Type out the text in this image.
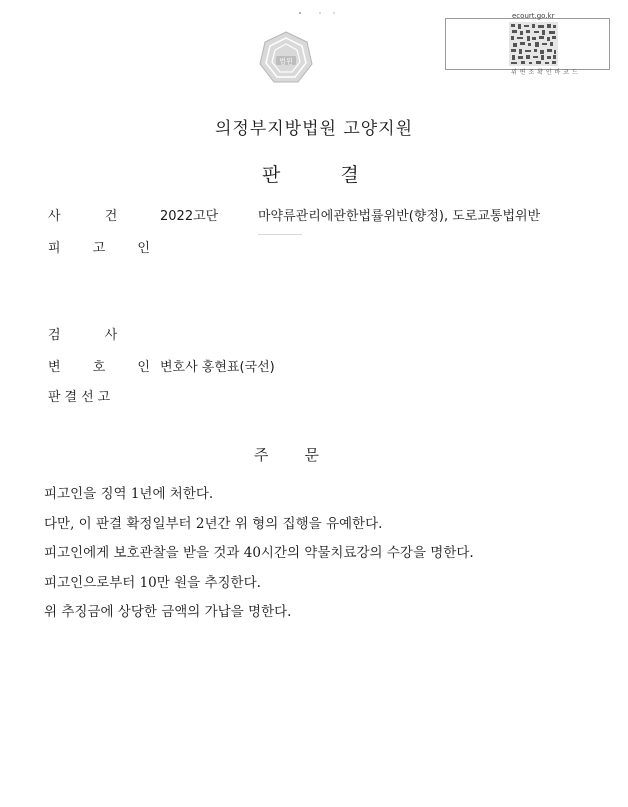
법원
ecourt.go.kr
위 변 조 확 인 바 코 드
의정부지방법원 고양지원
판결
사 건 2022고단	마약류관리에관한법률위반(향정), 도로교통법위반
피 고 인
검 사
변 호 인
변호사 홍현표(국선)
판결선고
주문
피고인을 징역 1년에 처한다.
다만, 이 판결 확정일부터 2년간 위 형의 집행을 유예한다.
피고인에게 보호관찰을 받을 것과 40시간의 약물치료강의 수강을 명한다.
피고인으로부터 10만 원을 추징한다.
위 추징금에 상당한 금액의 가납을 명한다.
